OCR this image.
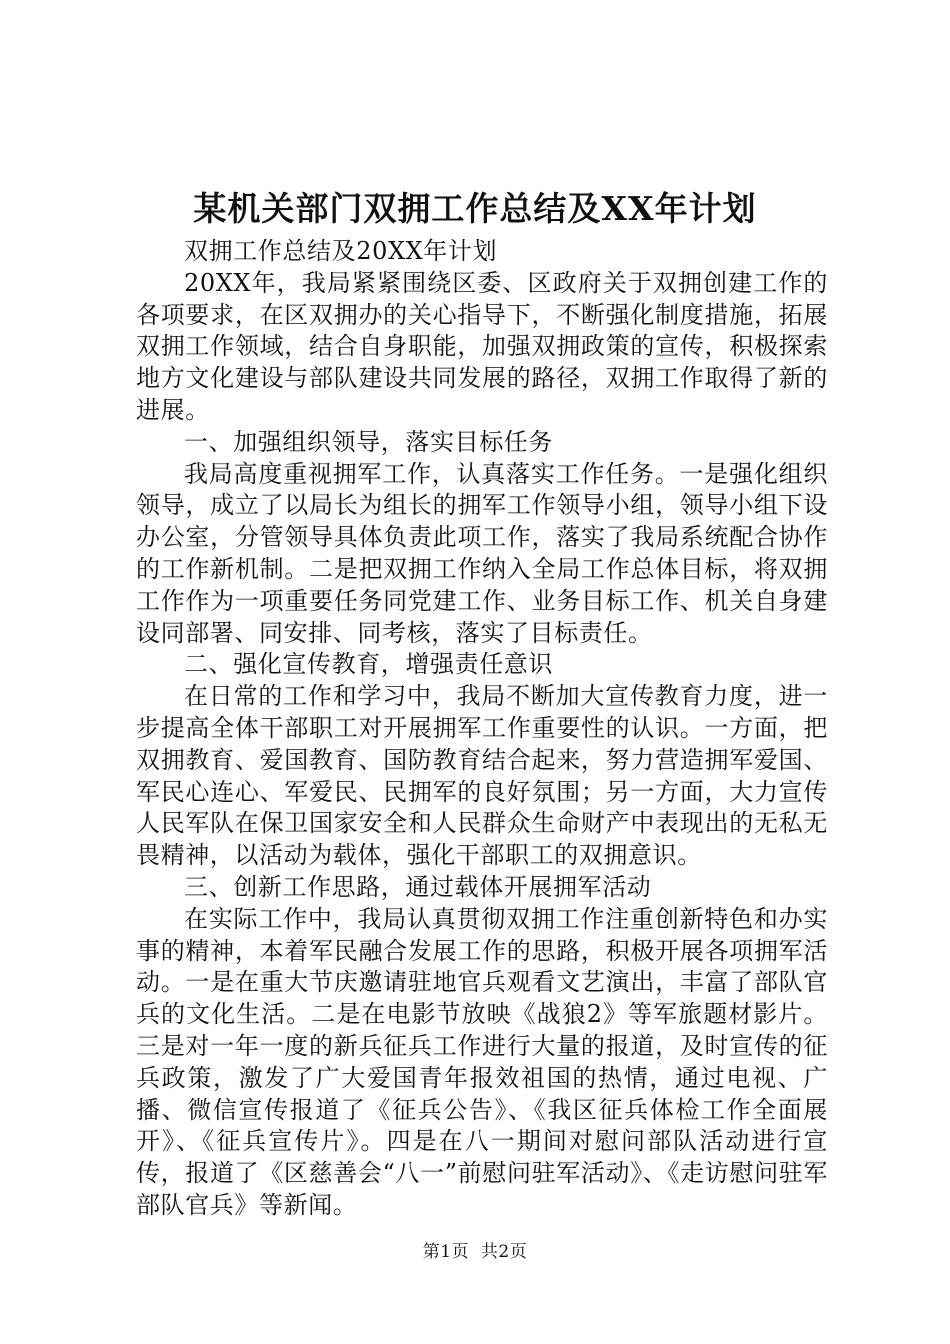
某机关部门双拥工作总结及XX年计划

双拥工作总结及20XX年计划

20XX年，我局紧紧围绕区委、区政府关于双拥创建工作的各项要求，在区双拥办的关心指导下，不断强化制度措施，拓展双拥工作领域，结合自身职能，加强双拥政策的宣传，积极探索地方文化建设与部队建设共同发展的路径，双拥工作取得了新的进展。

一、加强组织领导，落实目标任务

我局高度重视拥军工作，认真落实工作任务。一是强化组织领导，成立了以局长为组长的拥军工作领导小组，领导小组下设办公室，分管领导具体负责此项工作，落实了我局系统配合协作的工作新机制。二是把双拥工作纳入全局工作总体目标，将双拥工作作为一项重要任务同党建工作、业务目标工作、机关自身建设同部署、同安排、同考核，落实了目标责任。

二、强化宣传教育，增强责任意识

在日常的工作和学习中，我局不断加大宣传教育力度，进一步提高全体干部职工对开展拥军工作重要性的认识。一方面，把双拥教育、爱国教育、国防教育结合起来，努力营造拥军爱国、军民心连心、军爱民、民拥军的良好氛围；另一方面，大力宣传人民军队在保卫国家安全和人民群众生命财产中表现出的无私无畏精神，以活动为载体，强化干部职工的双拥意识。

三、创新工作思路，通过载体开展拥军活动

在实际工作中，我局认真贯彻双拥工作注重创新特色和办实事的精神，本着军民融合发展工作的思路，积极开展各项拥军活动。一是在重大节庆邀请驻地官兵观看文艺演出，丰富了部队官兵的文化生活。二是在电影节放映《战狼2》等军旅题材影片。三是对一年一度的新兵征兵工作进行大量的报道，及时宣传的征兵政策，激发了广大爱国青年报效祖国的热情，通过电视、广播、微信宣传报道了《征兵公告》、《我区征兵体检工作全面展开》、《征兵宣传片》。四是在八一期间对慰问部队活动进行宣传，报道了《区慈善会“八一”前慰问驻军活动》、《走访慰问驻军部队官兵》等新闻。

第1页  共2页
